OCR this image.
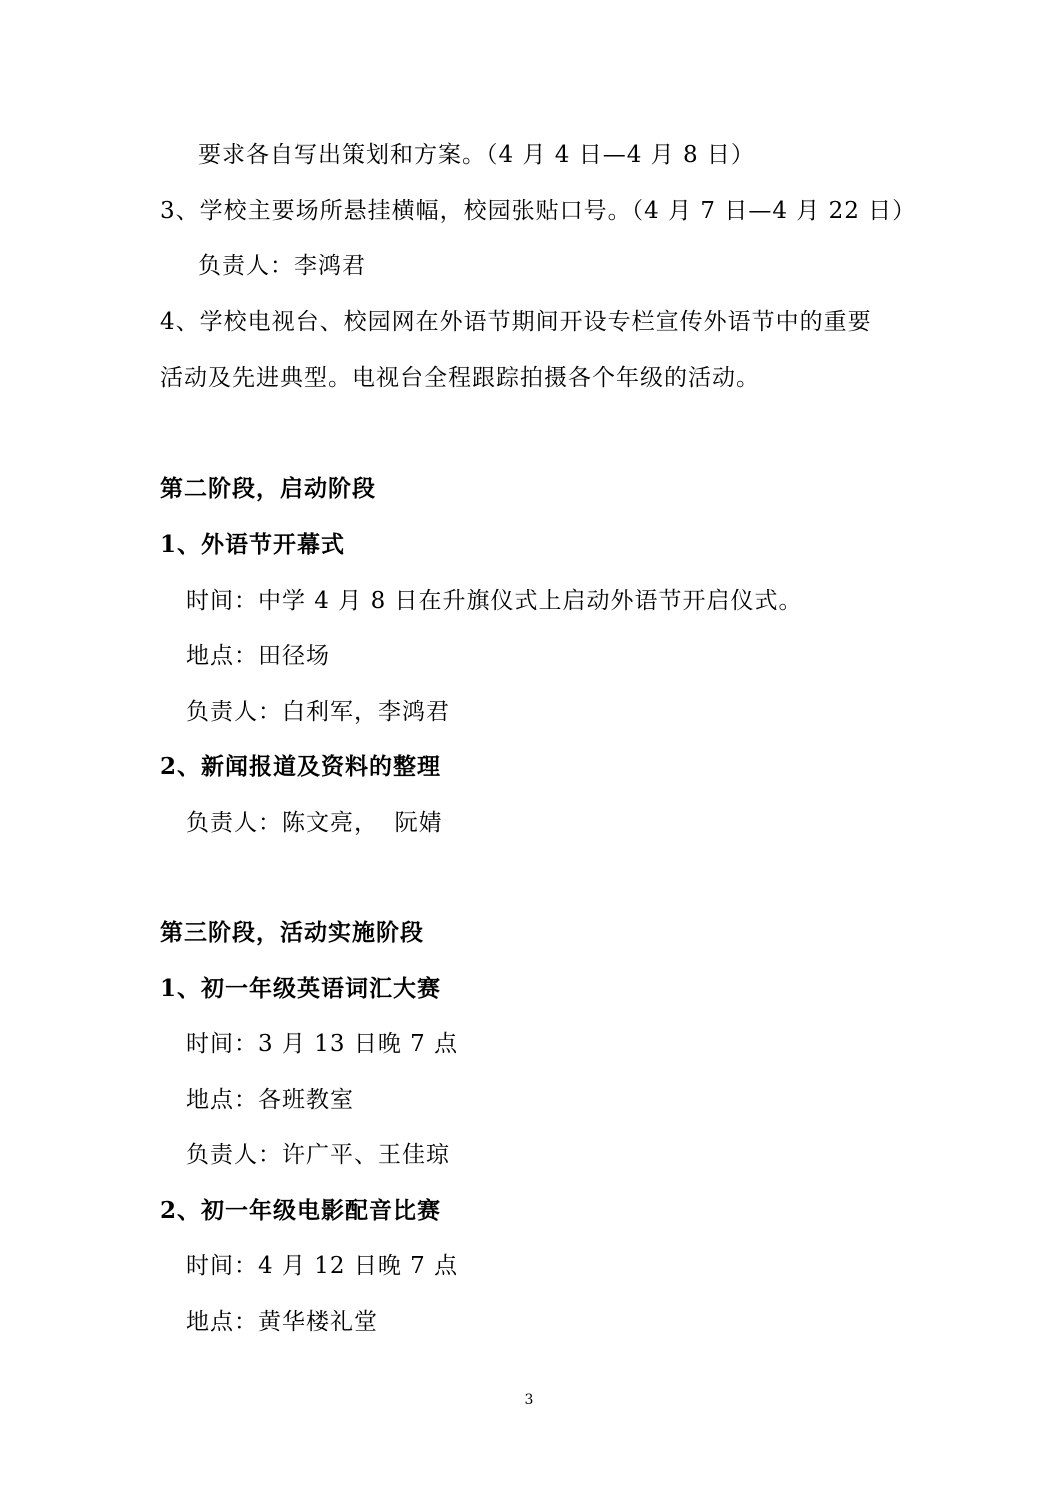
要求各自写出策划和方案。（4 月 4 日—4 月 8 日）
3、学校主要场所悬挂横幅，校园张贴口号。（4 月 7 日—4 月 22 日）
负责人：李鸿君
4、学校电视台、校园网在外语节期间开设专栏宣传外语节中的重要
活动及先进典型。电视台全程跟踪拍摄各个年级的活动。
第二阶段，启动阶段
1、外语节开幕式
时间：中学 4 月 8 日在升旗仪式上启动外语节开启仪式。
地点：田径场
负责人：白利军，李鸿君
2、新闻报道及资料的整理
负责人：陈文亮，  阮婧
第三阶段，活动实施阶段
1、初一年级英语词汇大赛
时间：3 月 13 日晚 7 点
地点：各班教室
负责人：许广平、王佳琼
2、初一年级电影配音比赛
时间：4 月 12 日晚 7 点
地点：黄华楼礼堂
3
